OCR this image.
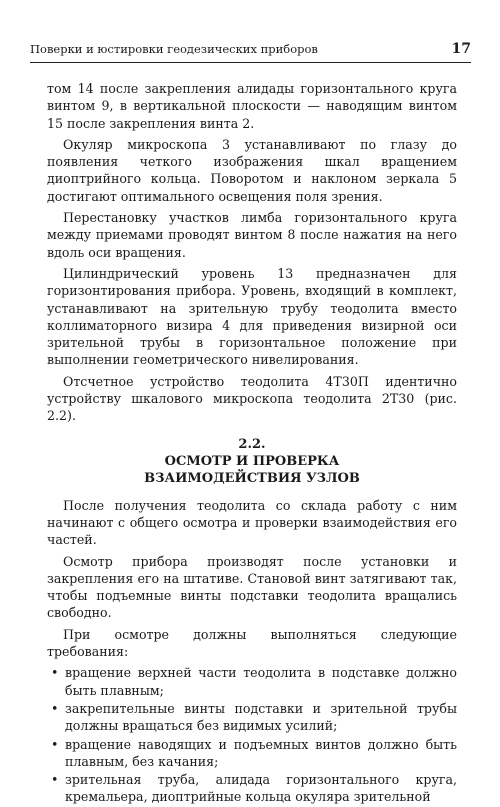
Поверки и юстировки геодезических приборов	17

том 14 после закрепления алидады горизонтального круга винтом 9, в вертикальной плоскости — наводящим винтом 15 после закрепления винта 2.

Окуляр микроскопа 3 устанавливают по глазу до появления четкого изображения шкал вращением диоптрийного кольца. Поворотом и наклоном зеркала 5 достигают оптимального освещения поля зрения.

Перестановку участков лимба горизонтального круга между приемами проводят винтом 8 после нажатия на него вдоль оси вращения.

Цилиндрический уровень 13 предназначен для горизонтирования прибора. Уровень, входящий в комплект, устанавливают на зрительную трубу теодолита вместо коллиматорного визира 4 для приведения визирной оси зрительной трубы в горизонтальное положение при выполнении геометрического нивелирования.

Отсчетное устройство теодолита 4Т30П идентично устройству шкалового микроскопа теодолита 2Т30 (рис. 2.2).

2.2.
ОСМОТР И ПРОВЕРКА
ВЗАИМОДЕЙСТВИЯ УЗЛОВ

После получения теодолита со склада работу с ним начинают с общего осмотра и проверки взаимодействия его частей.

Осмотр прибора производят после установки и закрепления его на штативе. Становой винт затягивают так, чтобы подъемные винты подставки теодолита вращались свободно.

При осмотре должны выполняться следующие требования:

• вращение верхней части теодолита в подставке должно быть плавным;
• закрепительные винты подставки и зрительной трубы должны вращаться без видимых усилий;
• вращение наводящих и подъемных винтов должно быть плавным, без качания;
• зрительная труба, алидада горизонтального круга, кремальера, диоптрийные кольца окуляра зрительной
